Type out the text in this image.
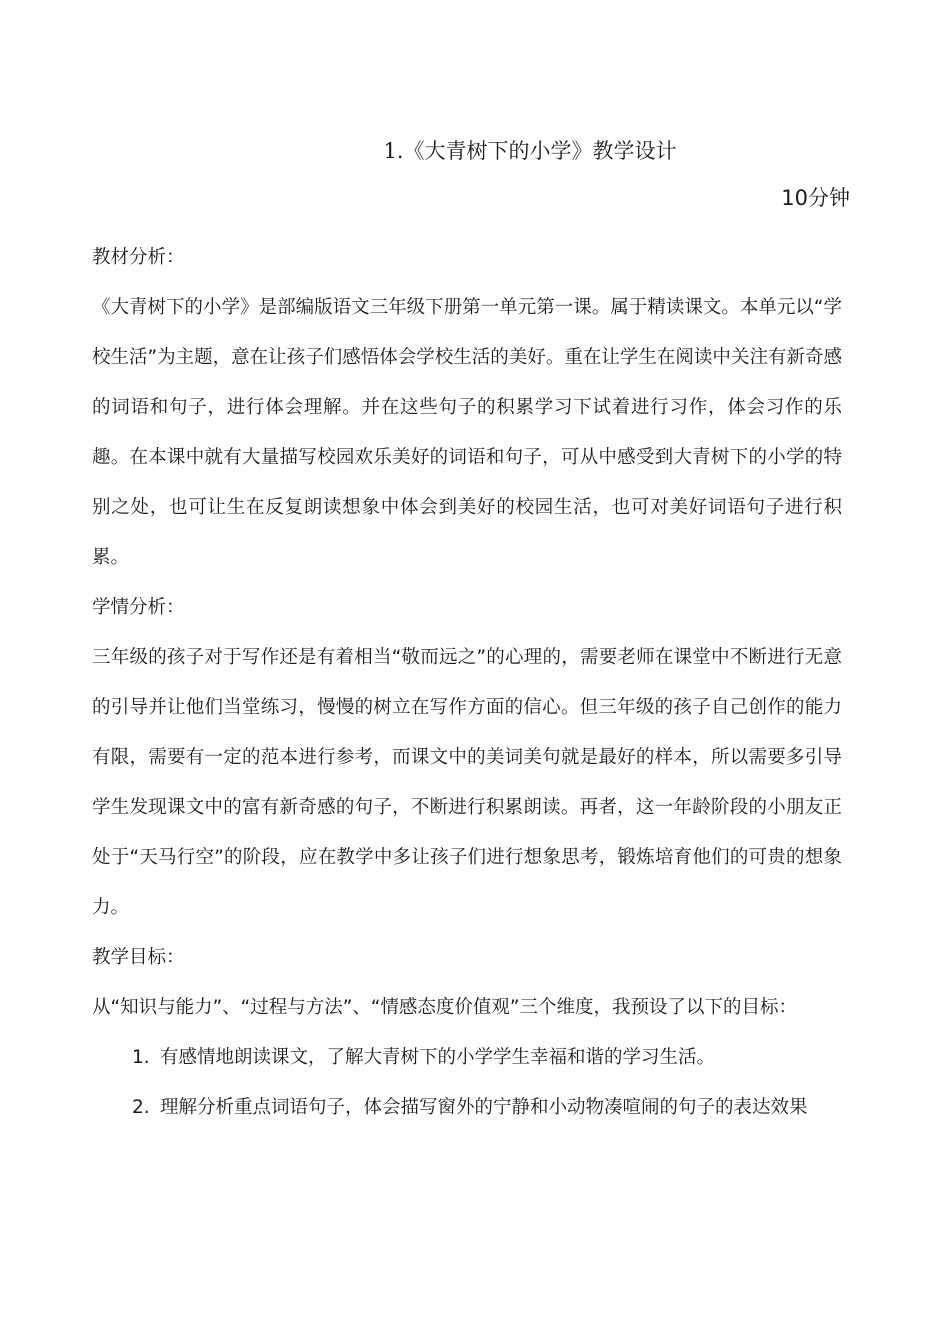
1.《大青树下的小学》教学设计
10分钟
教材分析：

《大青树下的小学》是部编版语文三年级下册第一单元第一课。属于精读课文。本单元以“学校生活”为主题，意在让孩子们感悟体会学校生活的美好。重在让学生在阅读中关注有新奇感的词语和句子，进行体会理解。并在这些句子的积累学习下试着进行习作，体会习作的乐趣。在本课中就有大量描写校园欢乐美好的词语和句子，可从中感受到大青树下的小学的特别之处，也可让生在反复朗读想象中体会到美好的校园生活，也可对美好词语句子进行积累。

学情分析：

三年级的孩子对于写作还是有着相当“敬而远之”的心理的，需要老师在课堂中不断进行无意的引导并让他们当堂练习，慢慢的树立在写作方面的信心。但三年级的孩子自己创作的能力有限，需要有一定的范本进行参考，而课文中的美词美句就是最好的样本，所以需要多引导学生发现课文中的富有新奇感的句子，不断进行积累朗读。再者，这一年龄阶段的小朋友正处于“天马行空”的阶段，应在教学中多让孩子们进行想象思考，锻炼培育他们的可贵的想象力。

教学目标：

从“知识与能力”、“过程与方法”、“情感态度价值观”三个维度，我预设了以下的目标：

1. 有感情地朗读课文，了解大青树下的小学学生幸福和谐的学习生活。
2. 理解分析重点词语句子，体会描写窗外的宁静和小动物凑喧闹的句子的表达效果
